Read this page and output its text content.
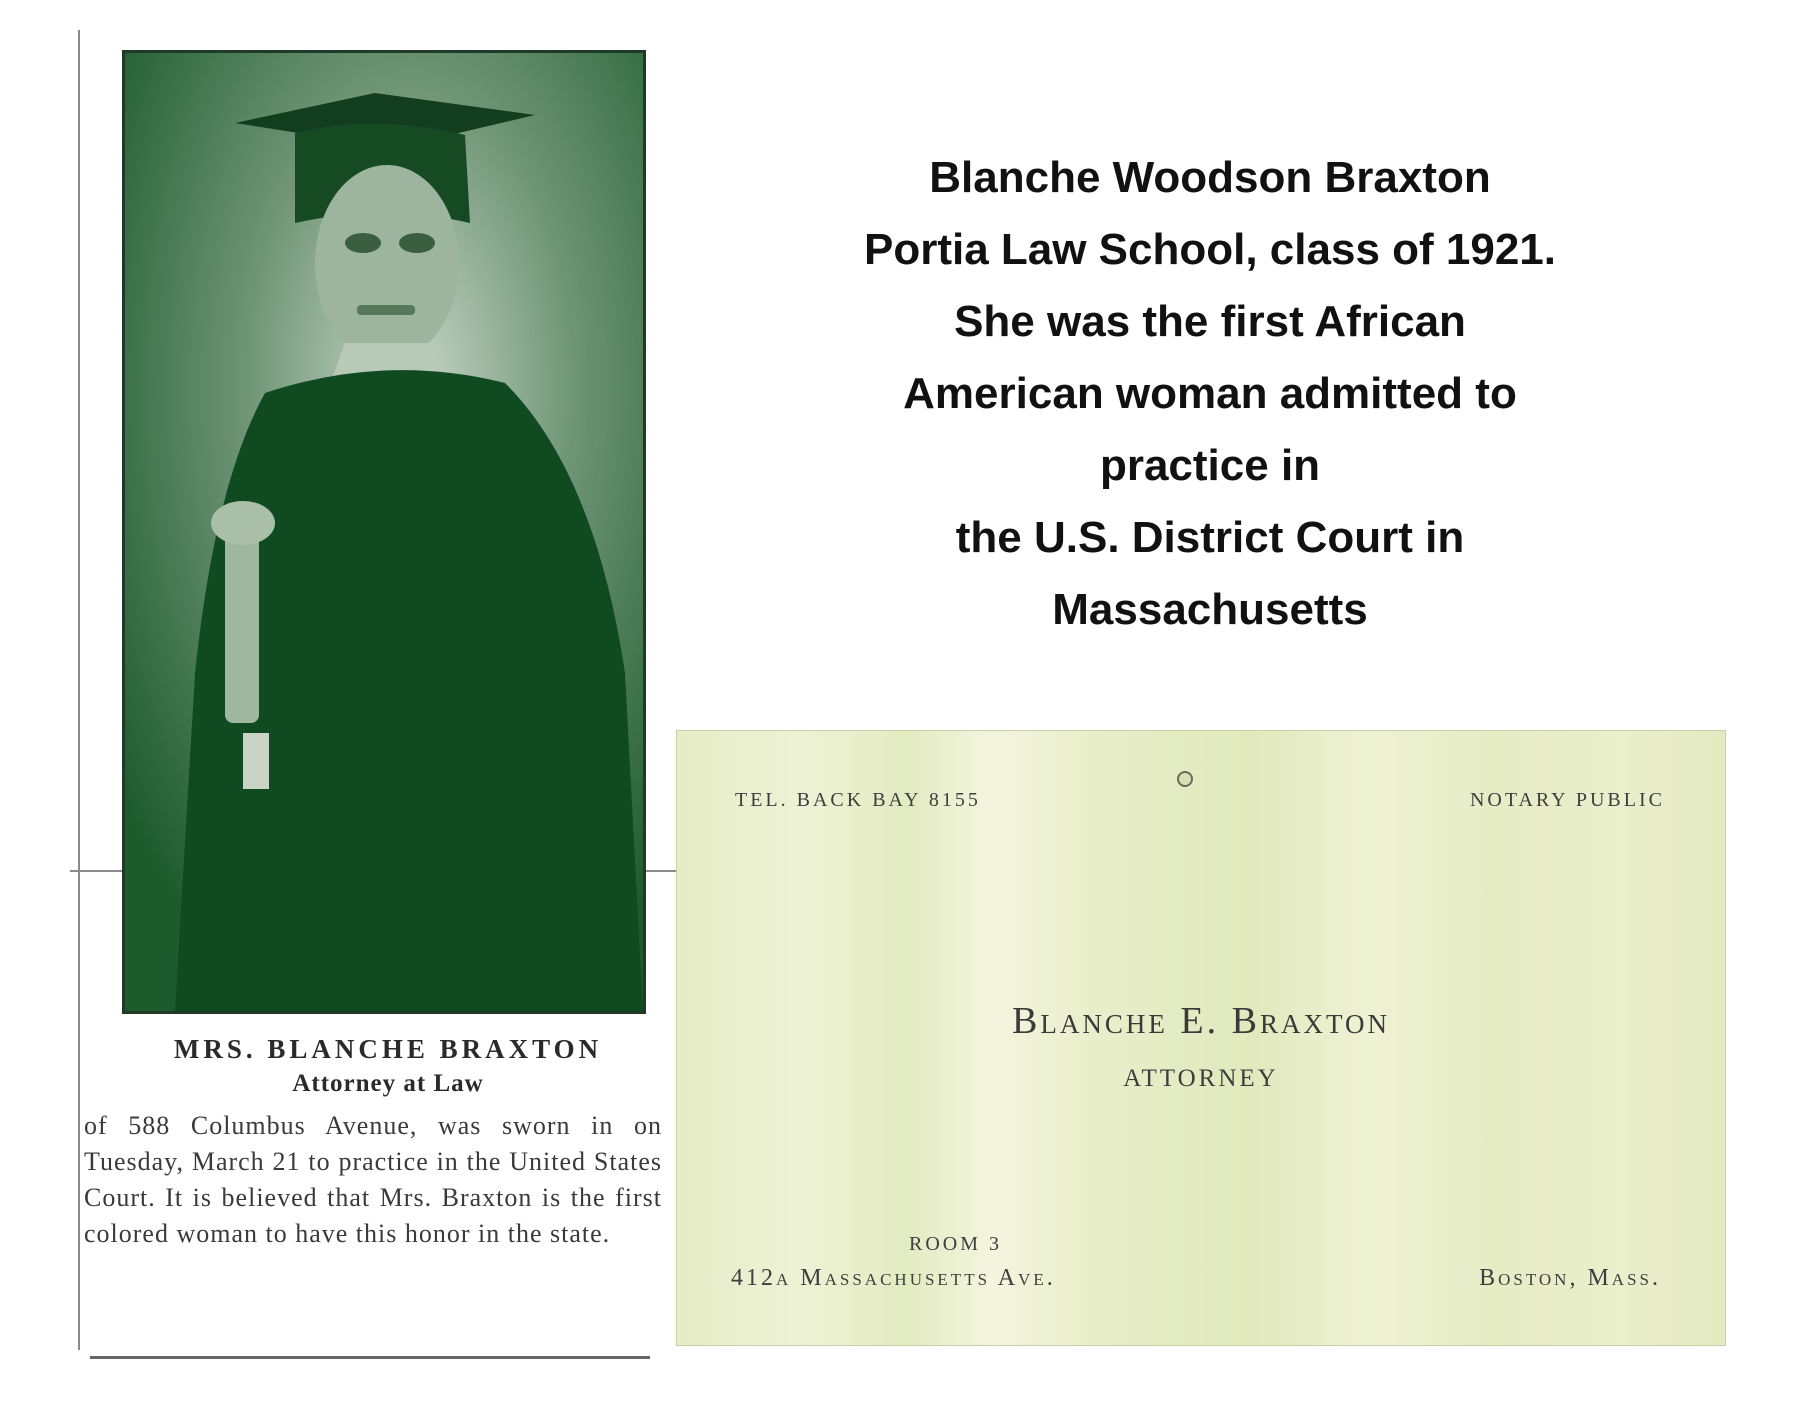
MRS. BLANCHE BRAXTON
Attorney at Law
of 588 Columbus Avenue, was sworn in on Tuesday, March 21 to practice in the United States Court. It is believed that Mrs. Braxton is the first colored woman to have this honor in the state.
Blanche Woodson Braxton
Portia Law School, class of 1921.
She was the first African
American woman admitted to
practice in
the U.S. District Court in
Massachusetts
TEL. BACK BAY 8155	NOTARY PUBLIC
Blanche E. Braxton
ATTORNEY
ROOM 3
412a Massachusetts Ave.	Boston, Mass.
